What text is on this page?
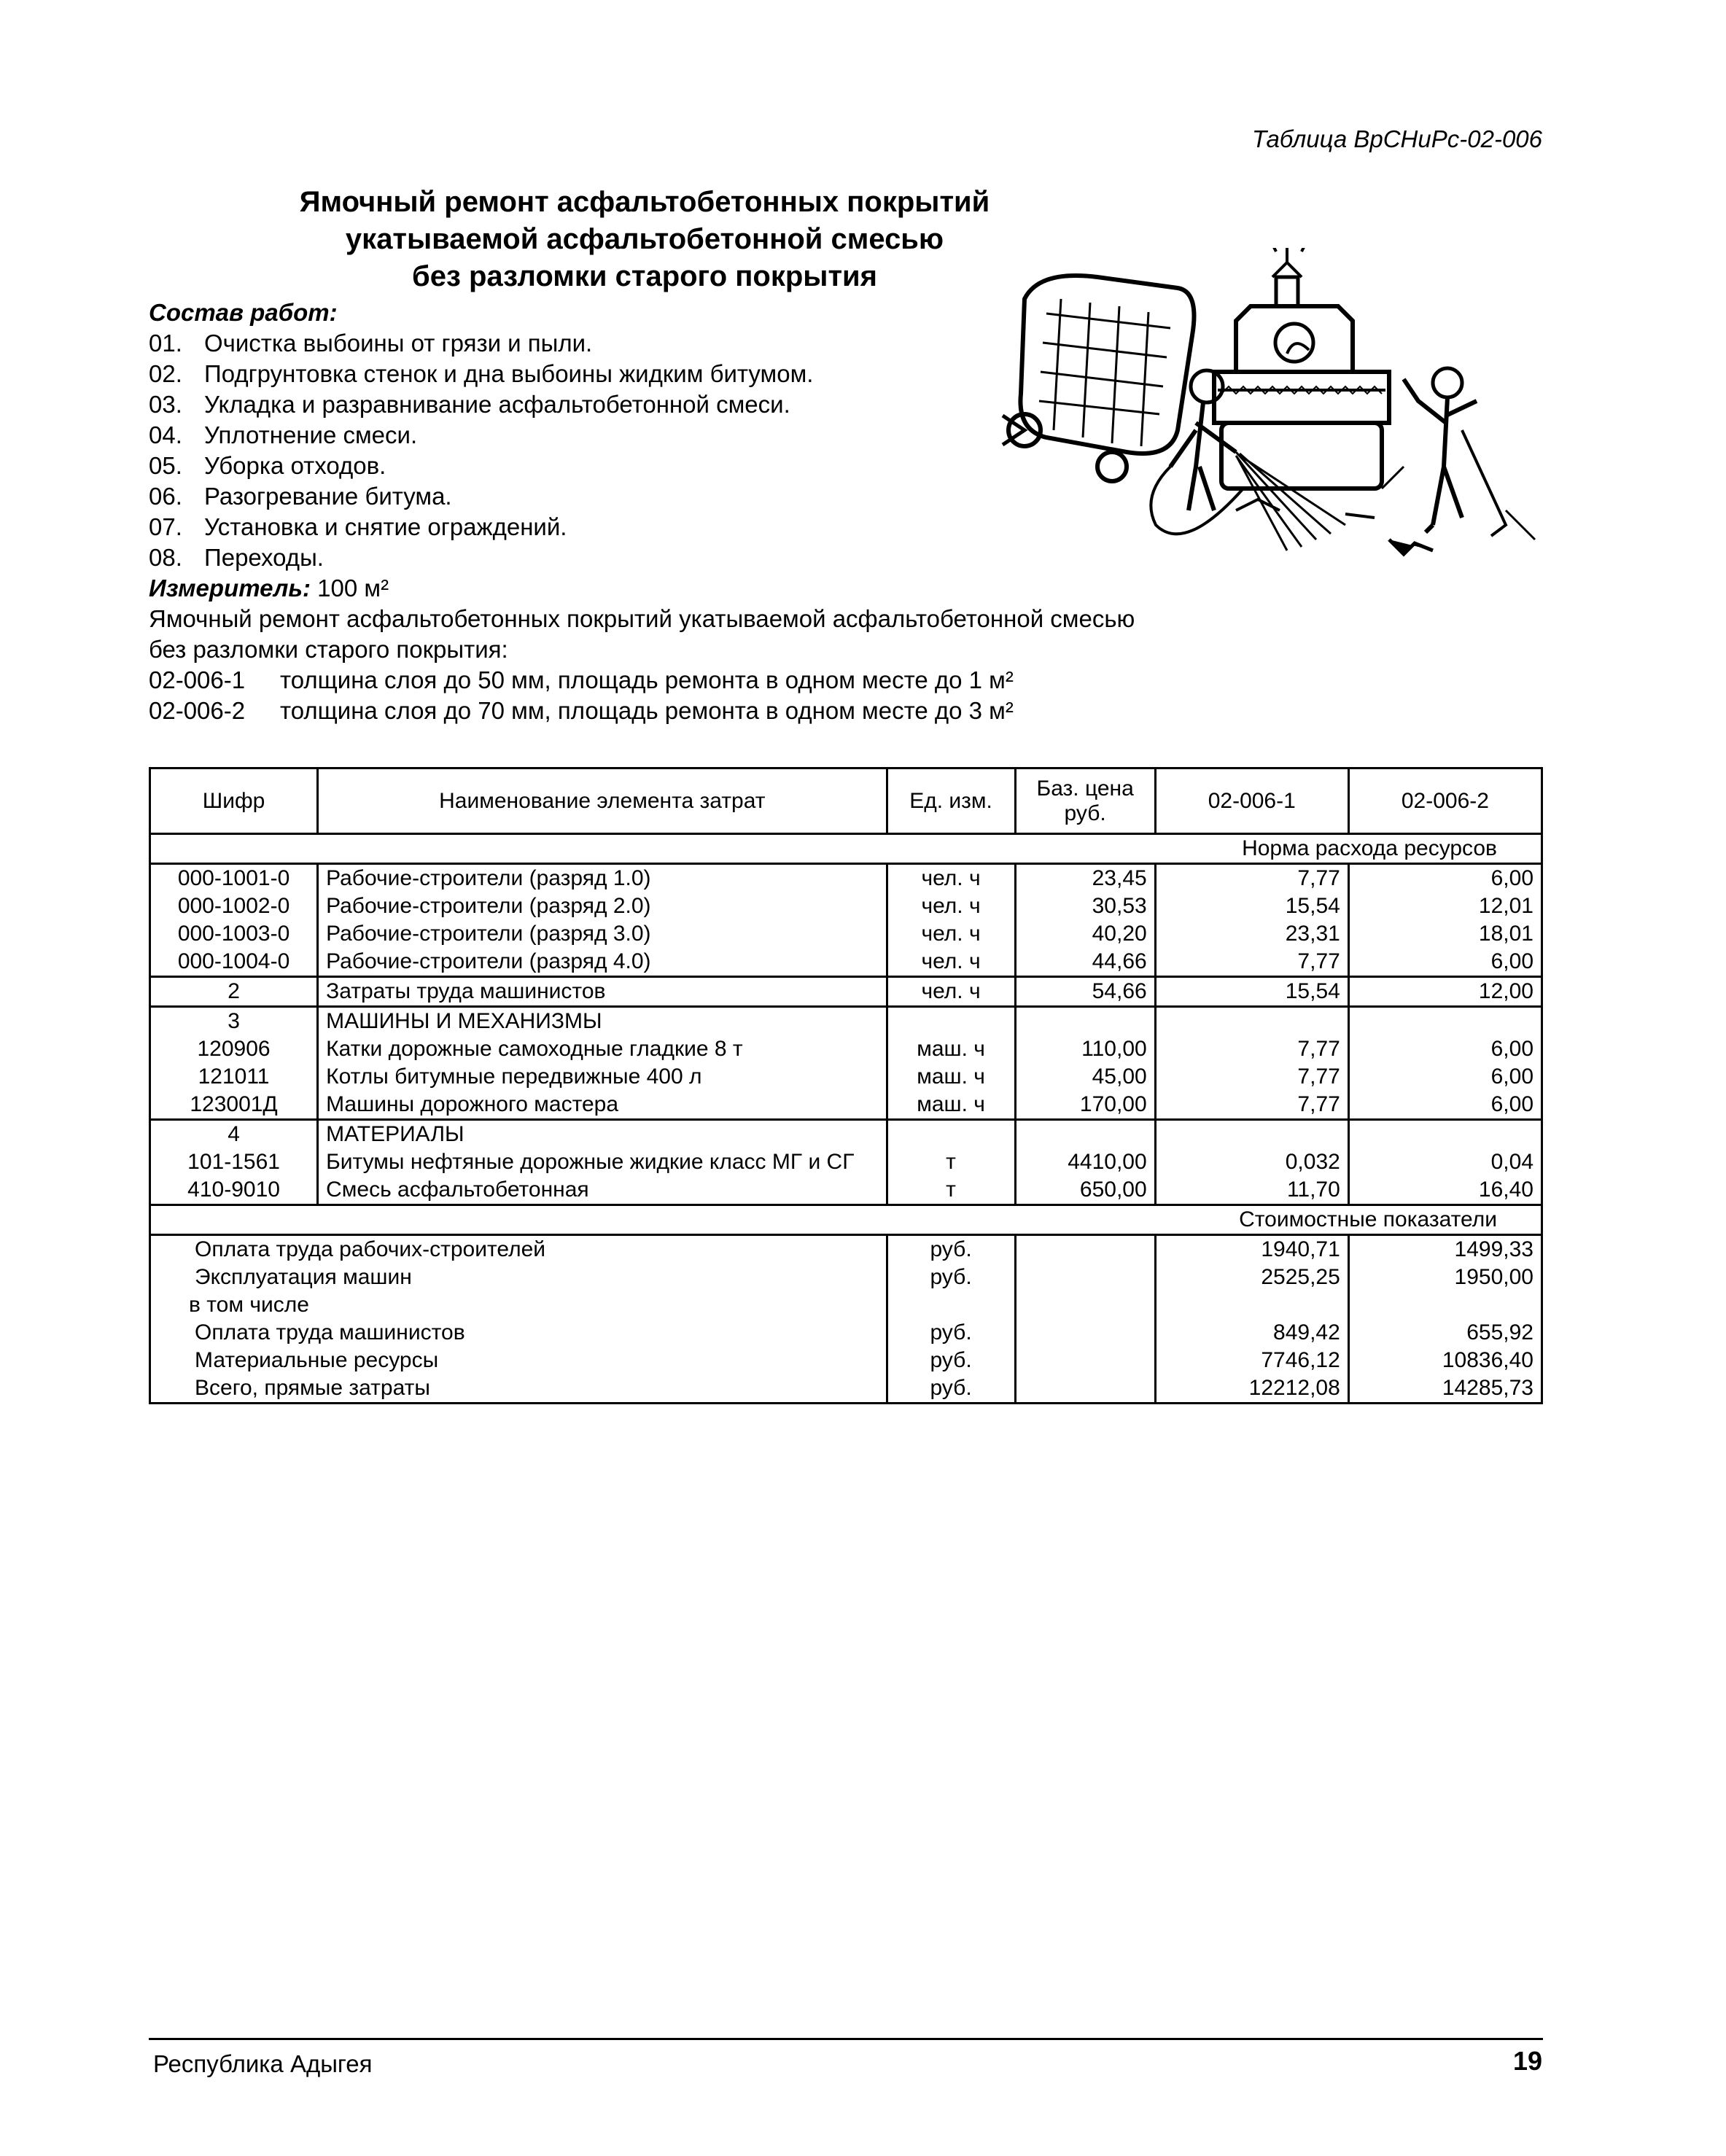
Таблица ВрСНиРс-02-006
Ямочный ремонт асфальтобетонных покрытий
укатываемой асфальтобетонной смесью
без разломки старого покрытия
Состав работ:
01. Очистка выбоины от грязи и пыли.
02. Подгрунтовка стенок и дна выбоины жидким битумом.
03. Укладка и разравнивание асфальтобетонной смеси.
04. Уплотнение смеси.
05. Уборка отходов.
06. Разогревание битума.
07. Установка и снятие ограждений.
08. Переходы.
Измеритель: 100 м²
Ямочный ремонт асфальтобетонных покрытий укатываемой асфальтобетонной смесью без разломки старого покрытия:
02-006-1 толщина слоя до 50 мм, площадь ремонта в одном месте до 1 м²
02-006-2 толщина слоя до 70 мм, площадь ремонта в одном месте до 3 м²
Шифр	Наименование элемента затрат	Ед. изм.	Баз. цена руб.	02-006-1	02-006-2
Норма расхода ресурсов					
000-1001-0	Рабочие-строители (разряд 1.0)	чел. ч	23,45	7,77	6,00
000-1002-0	Рабочие-строители (разряд 2.0)	чел. ч	30,53	15,54	12,01
000-1003-0	Рабочие-строители (разряд 3.0)	чел. ч	40,20	23,31	18,01
000-1004-0	Рабочие-строители (разряд 4.0)	чел. ч	44,66	7,77	6,00
2	Затраты труда машинистов	чел. ч	54,66	15,54	12,00
3	МАШИНЫ И МЕХАНИЗМЫ				
120906	Катки дорожные самоходные гладкие 8 т	маш. ч	110,00	7,77	6,00
121011	Котлы битумные передвижные 400 л	маш. ч	45,00	7,77	6,00
123001Д	Машины дорожного мастера	маш. ч	170,00	7,77	6,00
4	МАТЕРИАЛЫ				
101-1561	Битумы нефтяные дорожные жидкие класс МГ и СГ	т	4410,00	0,032	0,04
410-9010	Смесь асфальтобетонная	т	650,00	11,70	16,40
Стоимостные показатели					
Оплата труда рабочих-строителей		руб.		1940,71	1499,33
Эксплуатация машин		руб.		2525,25	1950,00
в том числе					
Оплата труда машинистов		руб.		849,42	655,92
Материальные ресурсы		руб.		7746,12	10836,40
Всего, прямые затраты		руб.		12212,08	14285,73
Республика Адыгея	19
